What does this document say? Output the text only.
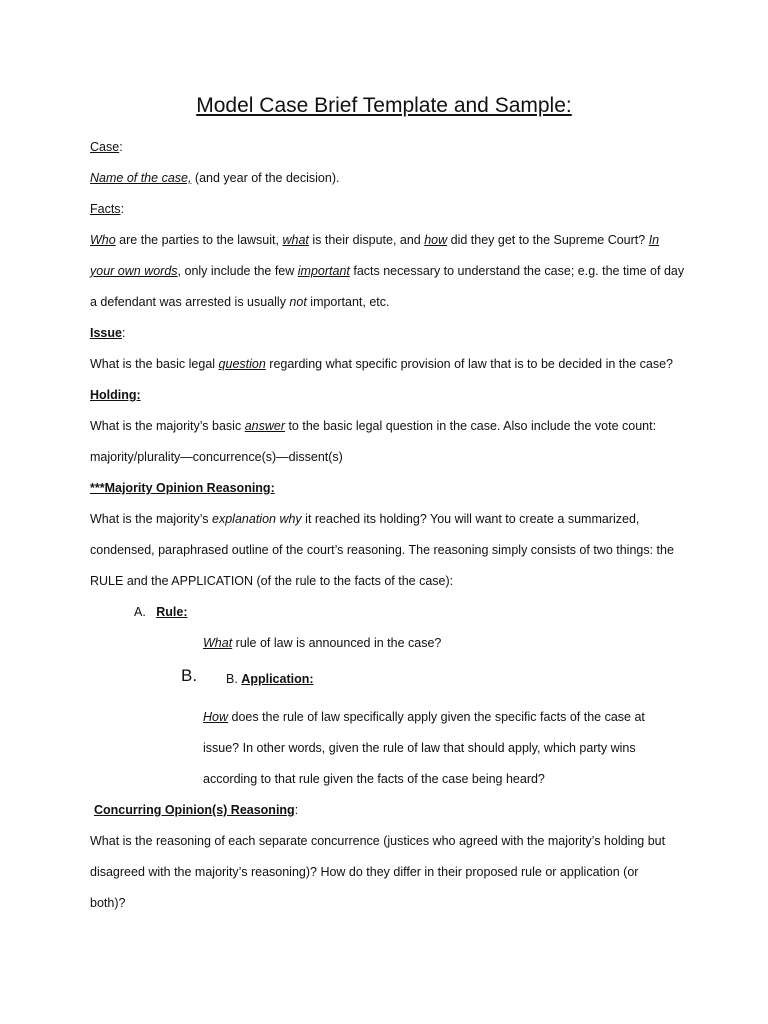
Model Case Brief Template and Sample:
Case:
Name of the case, (and year of the decision).
Facts:
Who are the parties to the lawsuit, what is their dispute, and how did they get to the Supreme Court? In
your own words, only include the few important facts necessary to understand the case; e.g. the time of day
a defendant was arrested is usually not important, etc.
Issue:
What is the basic legal question regarding what specific provision of law that is to be decided in the case?
Holding:
What is the majority’s basic answer to the basic legal question in the case. Also include the vote count:
majority/plurality—concurrence(s)—dissent(s)
***Majority Opinion Reasoning:
What is the majority’s explanation why it reached its holding? You will want to create a summarized,
condensed, paraphrased outline of the court’s reasoning. The reasoning simply consists of two things: the
RULE and the APPLICATION (of the rule to the facts of the case):
A. Rule:
What rule of law is announced in the case?
B.	B. Application:
How does the rule of law specifically apply given the specific facts of the case at
issue? In other words, given the rule of law that should apply, which party wins
according to that rule given the facts of the case being heard?
Concurring Opinion(s) Reasoning:
What is the reasoning of each separate concurrence (justices who agreed with the majority’s holding but
disagreed with the majority’s reasoning)? How do they differ in their proposed rule or application (or
both)?
